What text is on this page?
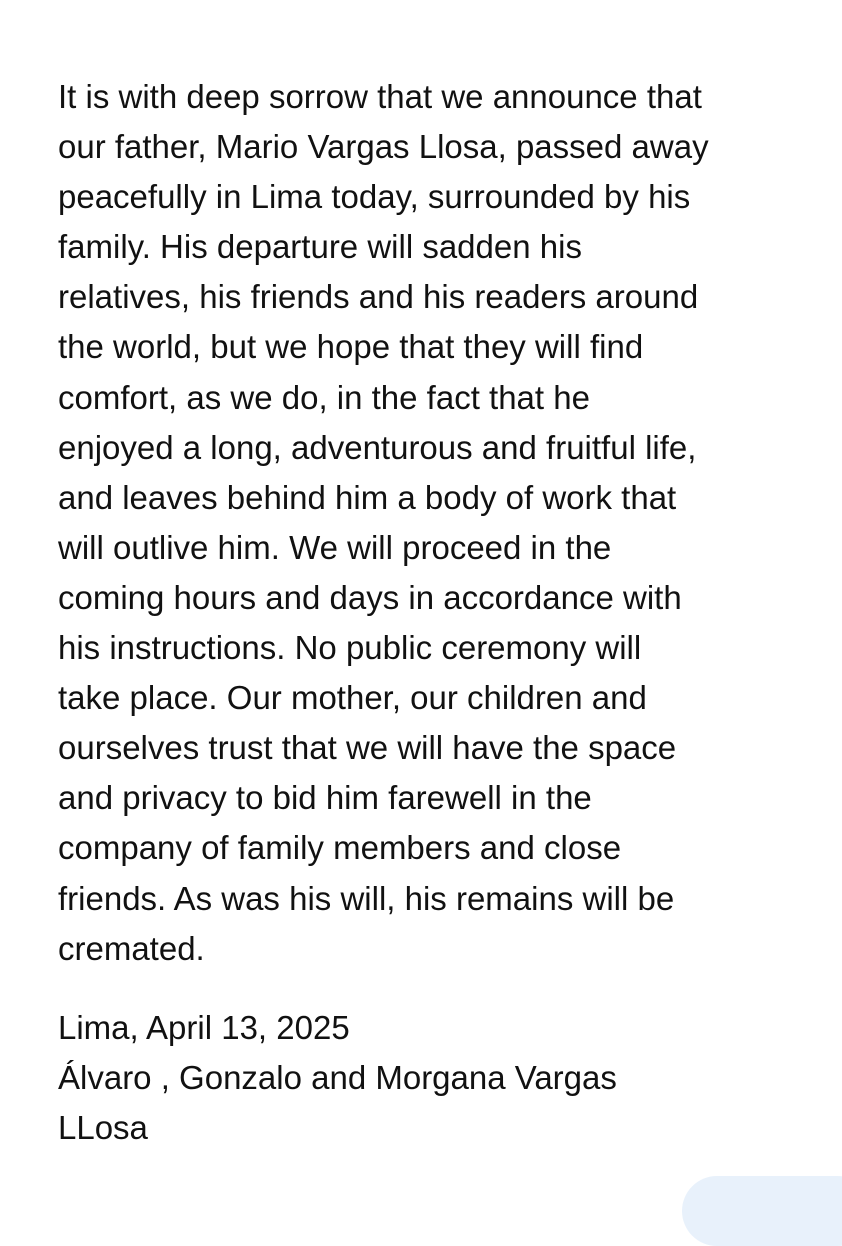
It is with deep sorrow that we announce that
our father, Mario Vargas Llosa, passed away
peacefully in Lima today, surrounded by his
family. His departure will sadden his
relatives, his friends and his readers around
the world, but we hope that they will find
comfort, as we do, in the fact that he
enjoyed a long, adventurous and fruitful life,
and leaves behind him a body of work that
will outlive him. We will proceed in the
coming hours and days in accordance with
his instructions. No public ceremony will
take place. Our mother, our children and
ourselves trust that we will have the space
and privacy to bid him farewell in the
company of family members and close
friends. As was his will, his remains will be
cremated.
Lima, April 13, 2025
Álvaro , Gonzalo and Morgana Vargas
LLosa
